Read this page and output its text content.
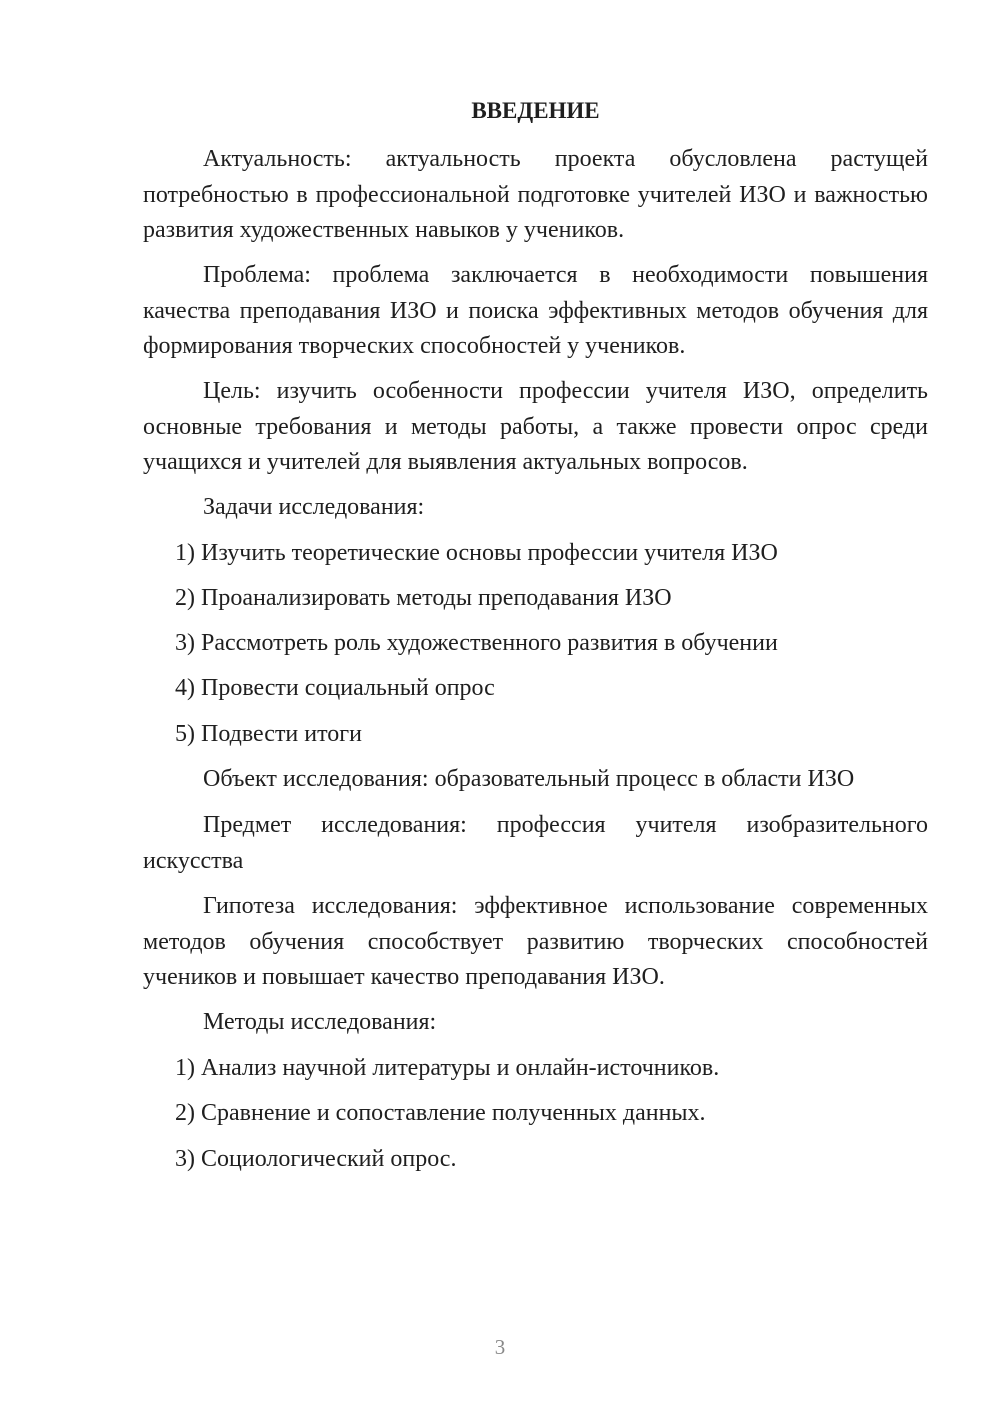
ВВЕДЕНИЕ

Актуальность: актуальность проекта обусловлена растущей потребностью в профессиональной подготовке учителей ИЗО и важностью развития художественных навыков у учеников.

Проблема: проблема заключается в необходимости повышения качества преподавания ИЗО и поиска эффективных методов обучения для формирования творческих способностей у учеников.

Цель: изучить особенности профессии учителя ИЗО, определить основные требования и методы работы, а также провести опрос среди учащихся и учителей для выявления актуальных вопросов.

Задачи исследования:

1) Изучить теоретические основы профессии учителя ИЗО

2) Проанализировать методы преподавания ИЗО

3) Рассмотреть роль художественного развития в обучении

4) Провести социальный опрос

5) Подвести итоги

Объект исследования: образовательный процесс в области ИЗО

Предмет исследования: профессия учителя изобразительного искусства

Гипотеза исследования: эффективное использование современных методов обучения способствует развитию творческих способностей учеников и повышает качество преподавания ИЗО.

Методы исследования:

1) Анализ научной литературы и онлайн-источников.

2) Сравнение и сопоставление полученных данных.

3) Социологический опрос.

3
